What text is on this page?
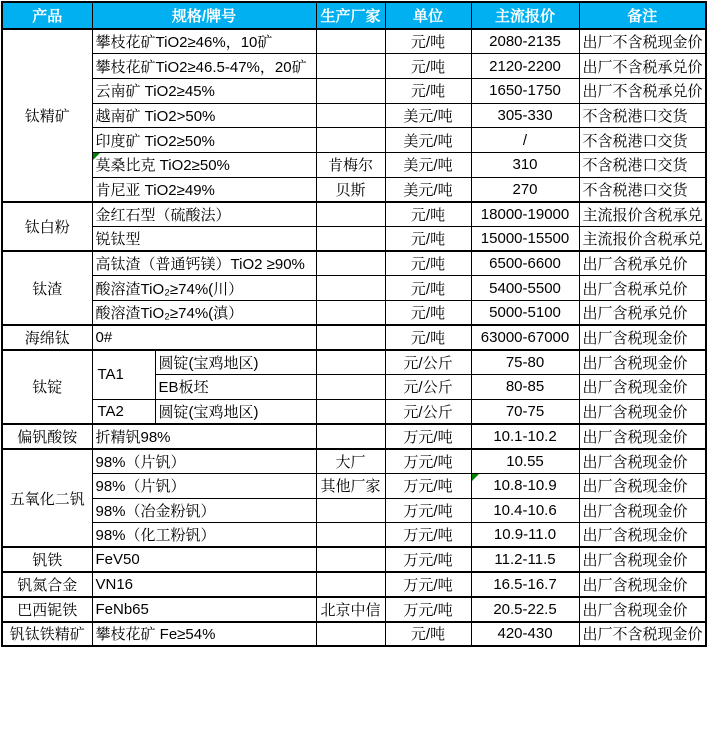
产品	规格/牌号		生产厂家	单位	主流报价	备注
钛精矿	攀枝花矿TiO2≥46%，10矿			元/吨	2080-2135	出厂不含税现金价
	攀枝花矿TiO2≥46.5-47%，20矿			元/吨	2120-2200	出厂不含税承兑价
	云南矿 TiO2≥45%			元/吨	1650-1750	出厂不含税承兑价
	越南矿 TiO2>50%			美元/吨	305-330	不含税港口交货
	印度矿 TiO2≥50%			美元/吨	/	不含税港口交货
	莫桑比克 TiO2≥50%		肯梅尔	美元/吨	310	不含税港口交货
	肯尼亚 TiO2≥49%		贝斯	美元/吨	270	不含税港口交货
钛白粉	金红石型（硫酸法）			元/吨	18000-19000	主流报价含税承兑
	锐钛型			元/吨	15000-15500	主流报价含税承兑
钛渣	高钛渣（普通钙镁）TiO2 ≥90%			元/吨	6500-6600	出厂含税承兑价
	酸溶渣TiO₂≥74%(川）			元/吨	5400-5500	出厂含税承兑价
	酸溶渣TiO₂≥74%(滇）			元/吨	5000-5100	出厂含税承兑价
海绵钛	0#			元/吨	63000-67000	出厂含税现金价
钛锭	TA1	圆锭(宝鸡地区)		元/公斤	75-80	出厂含税现金价
		EB板坯		元/公斤	80-85	出厂含税现金价
	TA2	圆锭(宝鸡地区)		元/公斤	70-75	出厂含税现金价
偏钒酸铵	折精钒98%			万元/吨	10.1-10.2	出厂含税现金价
五氧化二钒	98%（片钒）		大厂	万元/吨	10.55	出厂含税现金价
	98%（片钒）		其他厂家	万元/吨	10.8-10.9	出厂含税现金价
	98%（冶金粉钒）			万元/吨	10.4-10.6	出厂含税现金价
	98%（化工粉钒）			万元/吨	10.9-11.0	出厂含税现金价
钒铁	FeV50			万元/吨	11.2-11.5	出厂含税现金价
钒氮合金	VN16			万元/吨	16.5-16.7	出厂含税现金价
巴西铌铁	FeNb65		北京中信	万元/吨	20.5-22.5	出厂含税现金价
钒钛铁精矿	攀枝花矿 Fe≥54%			元/吨	420-430	出厂不含税现金价
